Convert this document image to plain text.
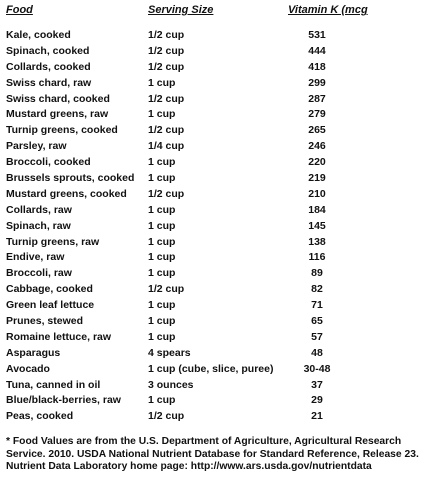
Food	Serving Size	Vitamin K (mcg
Kale, cooked	1/2 cup	531
Spinach, cooked	1/2 cup	444
Collards, cooked	1/2 cup	418
Swiss chard, raw	1 cup	299
Swiss chard, cooked	1/2 cup	287
Mustard greens, raw	1 cup	279
Turnip greens, cooked	1/2 cup	265
Parsley, raw	1/4 cup	246
Broccoli, cooked	1 cup	220
Brussels sprouts, cooked	1 cup	219
Mustard greens, cooked	1/2 cup	210
Collards, raw	1 cup	184
Spinach, raw	1 cup	145
Turnip greens, raw	1 cup	138
Endive, raw	1 cup	116
Broccoli, raw	1 cup	89
Cabbage, cooked	1/2 cup	82
Green leaf lettuce	1 cup	71
Prunes, stewed	1 cup	65
Romaine lettuce, raw	1 cup	57
Asparagus	4 spears	48
Avocado	1 cup (cube, slice, puree)	30-48
Tuna, canned in oil	3 ounces	37
Blue/black-berries, raw	1 cup	29
Peas, cooked	1/2 cup	21

* Food Values are from the U.S. Department of Agriculture, Agricultural Research
Service. 2010. USDA National Nutrient Database for Standard Reference, Release 23.
Nutrient Data Laboratory home page: http://www.ars.usda.gov/nutrientdata
